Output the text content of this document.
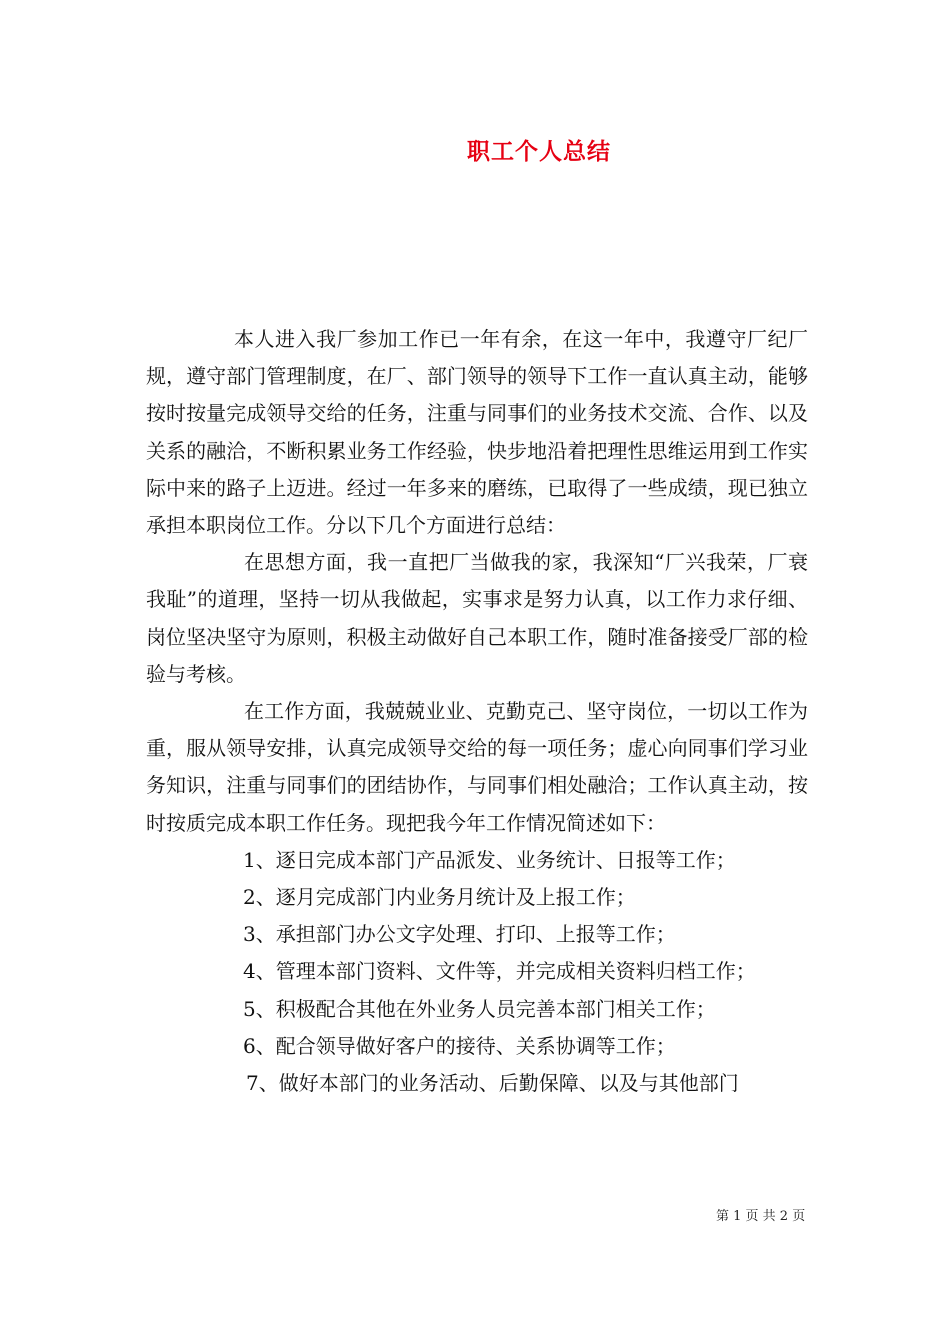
职工个人总结

本人进入我厂参加工作已一年有余，在这一年中，我遵守厂纪厂规，遵守部门管理制度，在厂、部门领导的领导下工作一直认真主动，能够按时按量完成领导交给的任务，注重与同事们的业务技术交流、合作、以及关系的融洽，不断积累业务工作经验，快步地沿着把理性思维运用到工作实际中来的路子上迈进。经过一年多来的磨练，已取得了一些成绩，现已独立承担本职岗位工作。分以下几个方面进行总结：

在思想方面，我一直把厂当做我的家，我深知“厂兴我荣，厂衰我耻”的道理，坚持一切从我做起，实事求是努力认真，以工作力求仔细、岗位坚决坚守为原则，积极主动做好自己本职工作，随时准备接受厂部的检验与考核。

在工作方面，我兢兢业业、克勤克己、坚守岗位，一切以工作为重，服从领导安排，认真完成领导交给的每一项任务；虚心向同事们学习业务知识，注重与同事们的团结协作，与同事们相处融洽；工作认真主动，按时按质完成本职工作任务。现把我今年工作情况简述如下：

1、逐日完成本部门产品派发、业务统计、日报等工作；

2、逐月完成部门内业务月统计及上报工作；

3、承担部门办公文字处理、打印、上报等工作；

4、管理本部门资料、文件等，并完成相关资料归档工作；

5、积极配合其他在外业务人员完善本部门相关工作；

6、配合领导做好客户的接待、关系协调等工作；

7、做好本部门的业务活动、后勤保障、以及与其他部门

第 1 页 共 2 页
